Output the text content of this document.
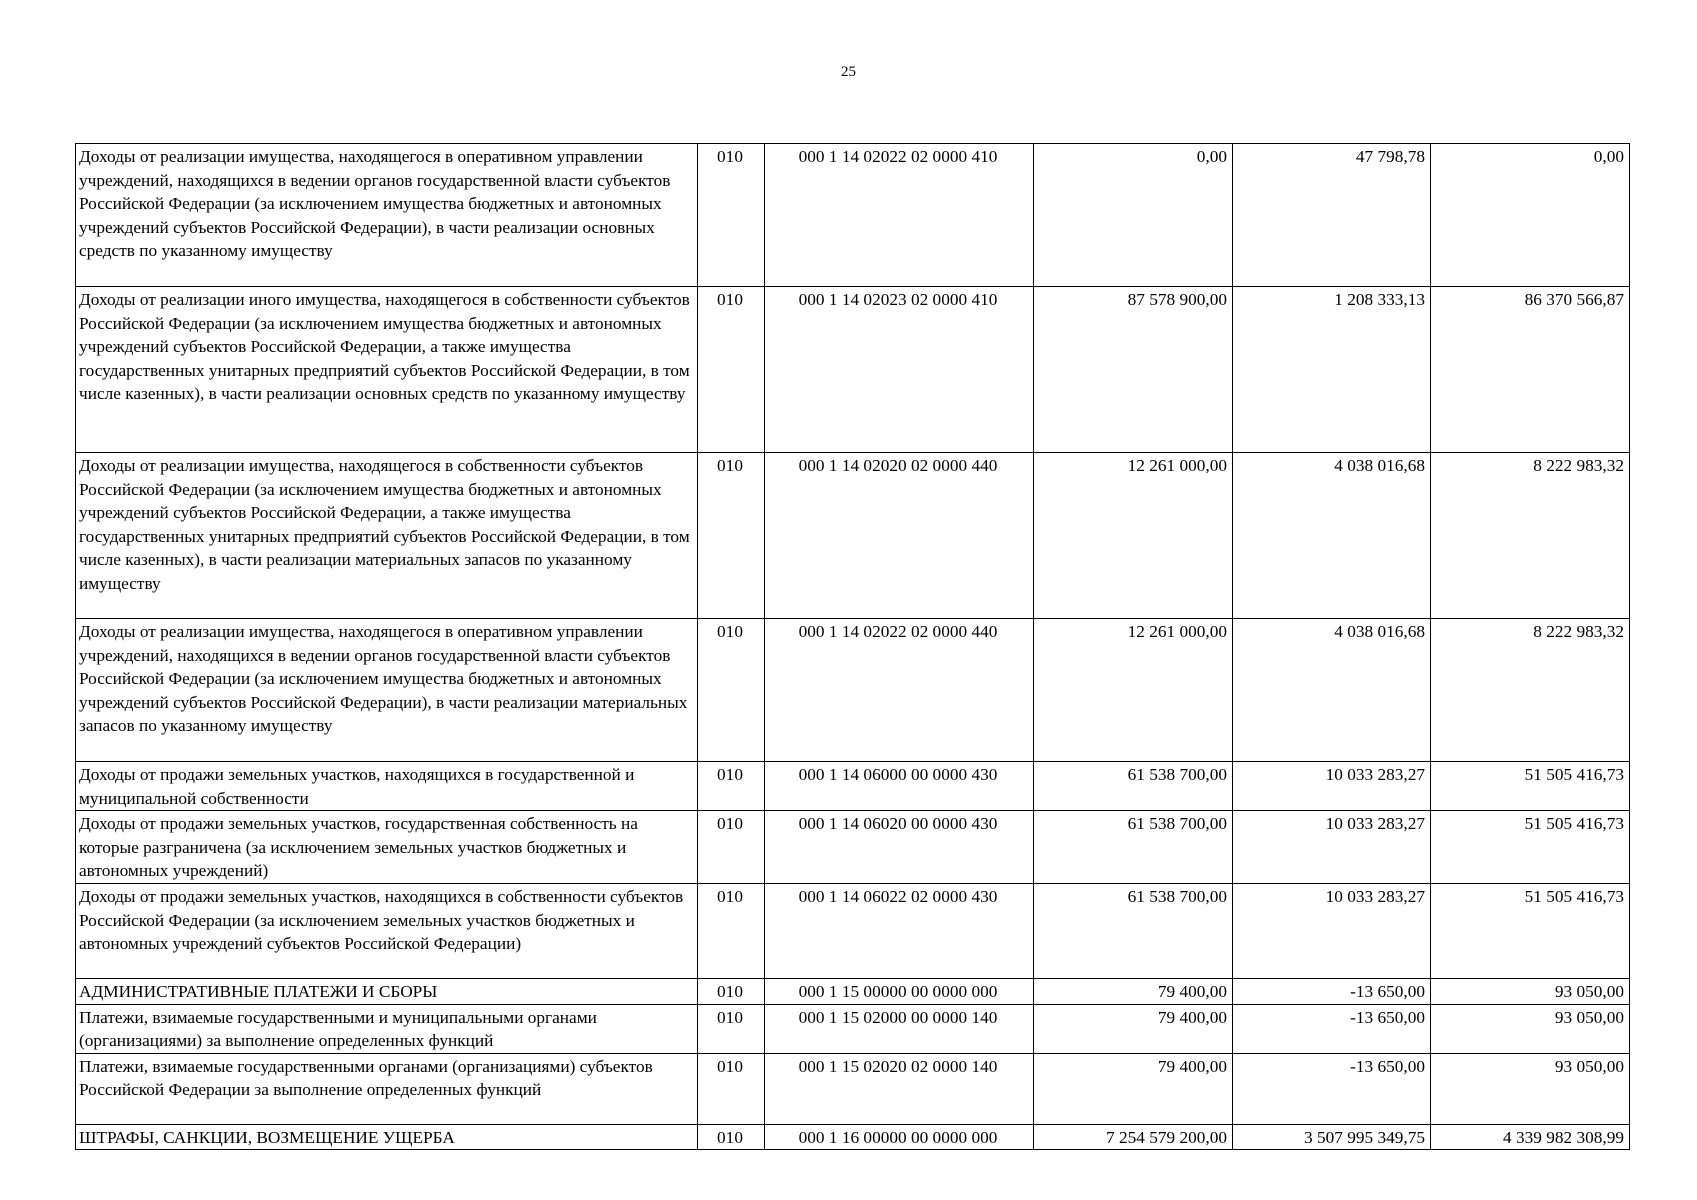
25
Доходы от реализации имущества, находящегося в оперативном управлении учреждений, находящихся в ведении органов государственной власти субъектов Российской Федерации (за исключением имущества бюджетных и автономных учреждений субъектов Российской Федерации), в части реализации основных средств по указанному имуществу	010	000 1 14 02022 02 0000 410	0,00	47 798,78	0,00
Доходы от реализации иного имущества, находящегося в собственности субъектов Российской Федерации (за исключением имущества бюджетных и автономных учреждений субъектов Российской Федерации, а также имущества государственных унитарных предприятий субъектов Российской Федерации, в том числе казенных), в части реализации основных средств по указанному имуществу	010	000 1 14 02023 02 0000 410	87 578 900,00	1 208 333,13	86 370 566,87
Доходы от реализации имущества, находящегося в собственности субъектов Российской Федерации (за исключением имущества бюджетных и автономных учреждений субъектов Российской Федерации, а также имущества государственных унитарных предприятий субъектов Российской Федерации, в том числе казенных), в части реализации материальных запасов по указанному имуществу	010	000 1 14 02020 02 0000 440	12 261 000,00	4 038 016,68	8 222 983,32
Доходы от реализации имущества, находящегося в оперативном управлении учреждений, находящихся в ведении органов государственной власти субъектов Российской Федерации (за исключением имущества бюджетных и автономных учреждений субъектов Российской Федерации), в части реализации материальных запасов по указанному имуществу	010	000 1 14 02022 02 0000 440	12 261 000,00	4 038 016,68	8 222 983,32
Доходы от продажи земельных участков, находящихся в государственной и муниципальной собственности	010	000 1 14 06000 00 0000 430	61 538 700,00	10 033 283,27	51 505 416,73
Доходы от продажи земельных участков, государственная собственность на которые разграничена (за исключением земельных участков бюджетных и автономных учреждений)	010	000 1 14 06020 00 0000 430	61 538 700,00	10 033 283,27	51 505 416,73
Доходы от продажи земельных участков, находящихся в собственности субъектов Российской Федерации (за исключением земельных участков бюджетных и автономных учреждений субъектов Российской Федерации)	010	000 1 14 06022 02 0000 430	61 538 700,00	10 033 283,27	51 505 416,73
АДМИНИСТРАТИВНЫЕ ПЛАТЕЖИ И СБОРЫ	010	000 1 15 00000 00 0000 000	79 400,00	-13 650,00	93 050,00
Платежи, взимаемые государственными и муниципальными органами (организациями) за выполнение определенных функций	010	000 1 15 02000 00 0000 140	79 400,00	-13 650,00	93 050,00
Платежи, взимаемые государственными органами (организациями) субъектов Российской Федерации за выполнение определенных функций	010	000 1 15 02020 02 0000 140	79 400,00	-13 650,00	93 050,00
ШТРАФЫ, САНКЦИИ, ВОЗМЕЩЕНИЕ УЩЕРБА	010	000 1 16 00000 00 0000 000	7 254 579 200,00	3 507 995 349,75	4 339 982 308,99
